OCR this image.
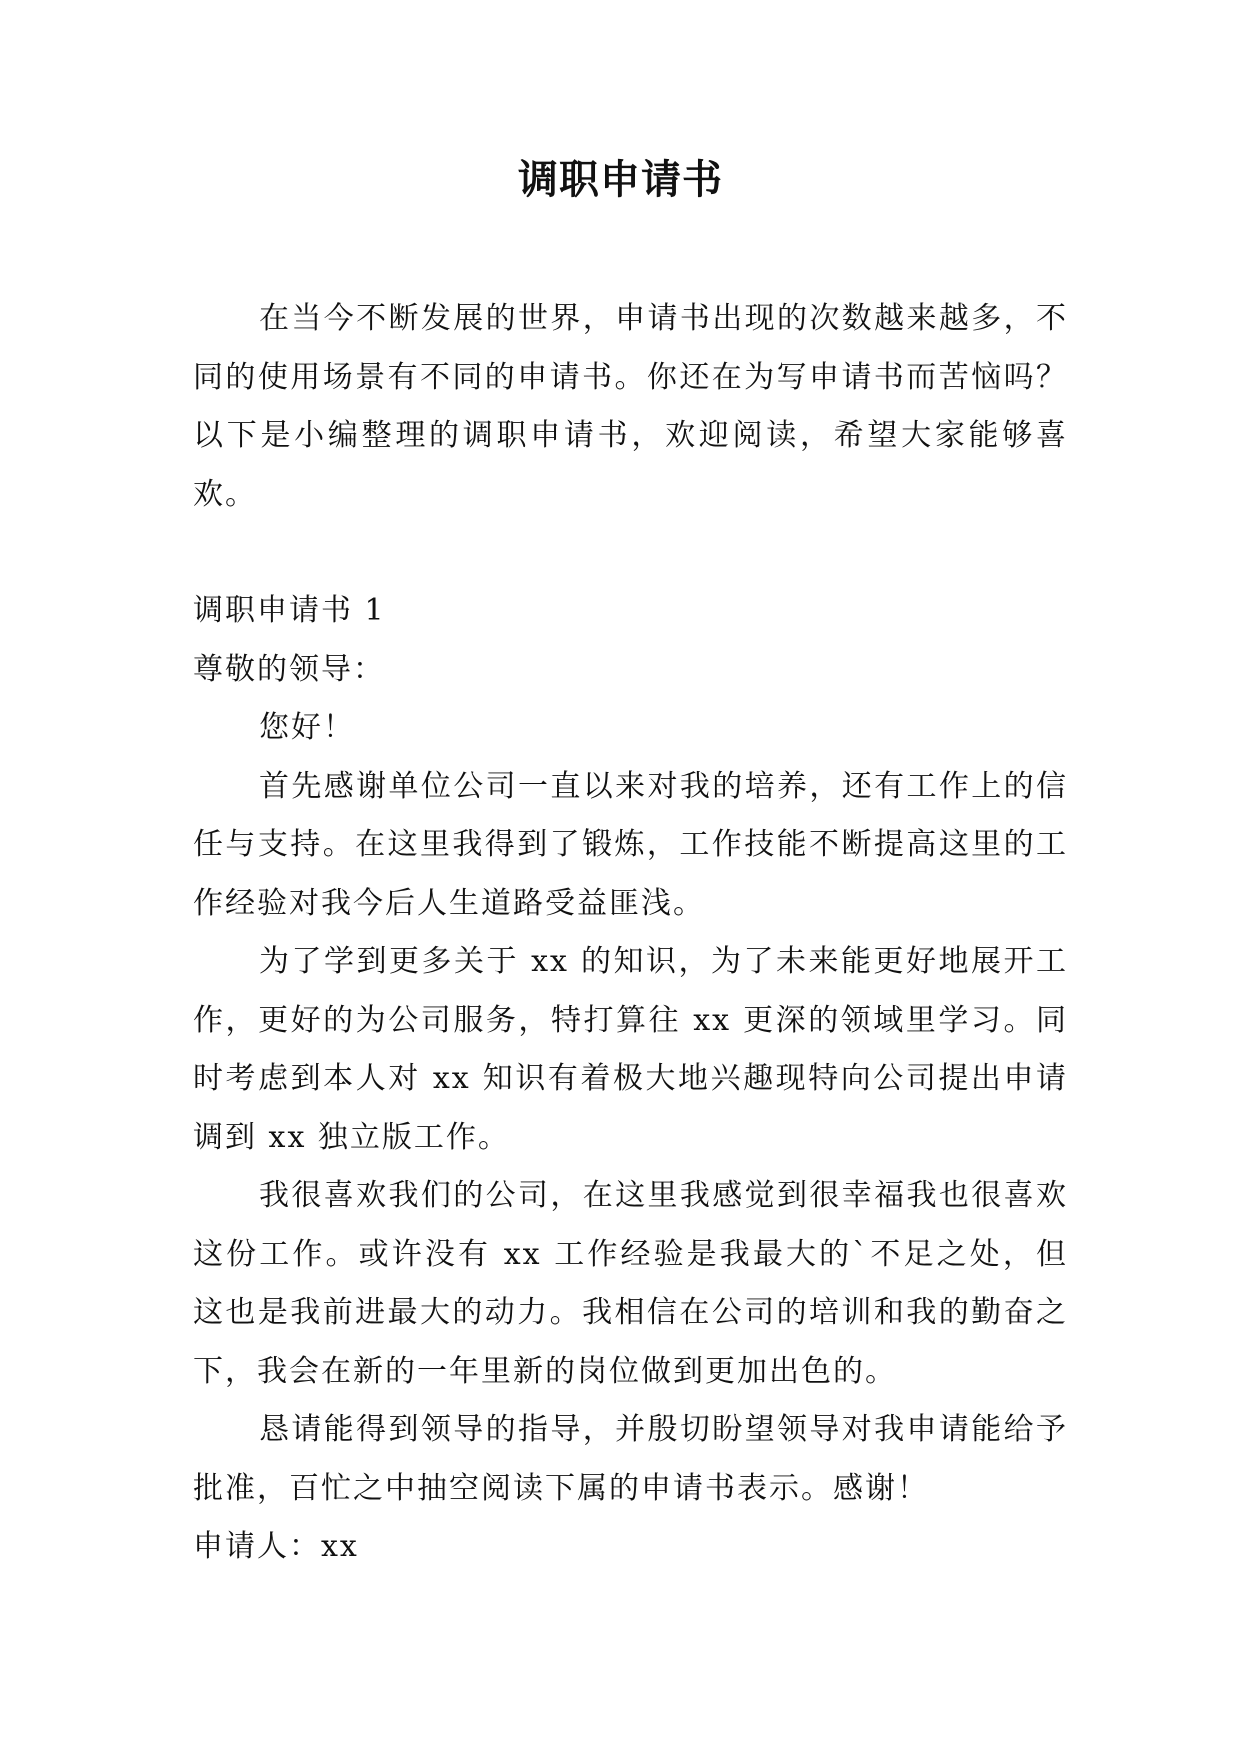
调职申请书

在当今不断发展的世界，申请书出现的次数越来越多，不同的使用场景有不同的申请书。你还在为写申请书而苦恼吗？以下是小编整理的调职申请书，欢迎阅读，希望大家能够喜欢。

调职申请书 1

尊敬的领导：

您好！

首先感谢单位公司一直以来对我的培养，还有工作上的信任与支持。在这里我得到了锻炼，工作技能不断提高这里的工作经验对我今后人生道路受益匪浅。

为了学到更多关于 xx 的知识，为了未来能更好地展开工作，更好的为公司服务，特打算往 xx 更深的领域里学习。同时考虑到本人对 xx 知识有着极大地兴趣现特向公司提出申请调到 xx 独立版工作。

我很喜欢我们的公司，在这里我感觉到很幸福我也很喜欢这份工作。或许没有 xx 工作经验是我最大的`不足之处，但这也是我前进最大的动力。我相信在公司的培训和我的勤奋之下，我会在新的一年里新的岗位做到更加出色的。

恳请能得到领导的指导，并殷切盼望领导对我申请能给予批准，百忙之中抽空阅读下属的申请书表示。感谢！

申请人：xx
